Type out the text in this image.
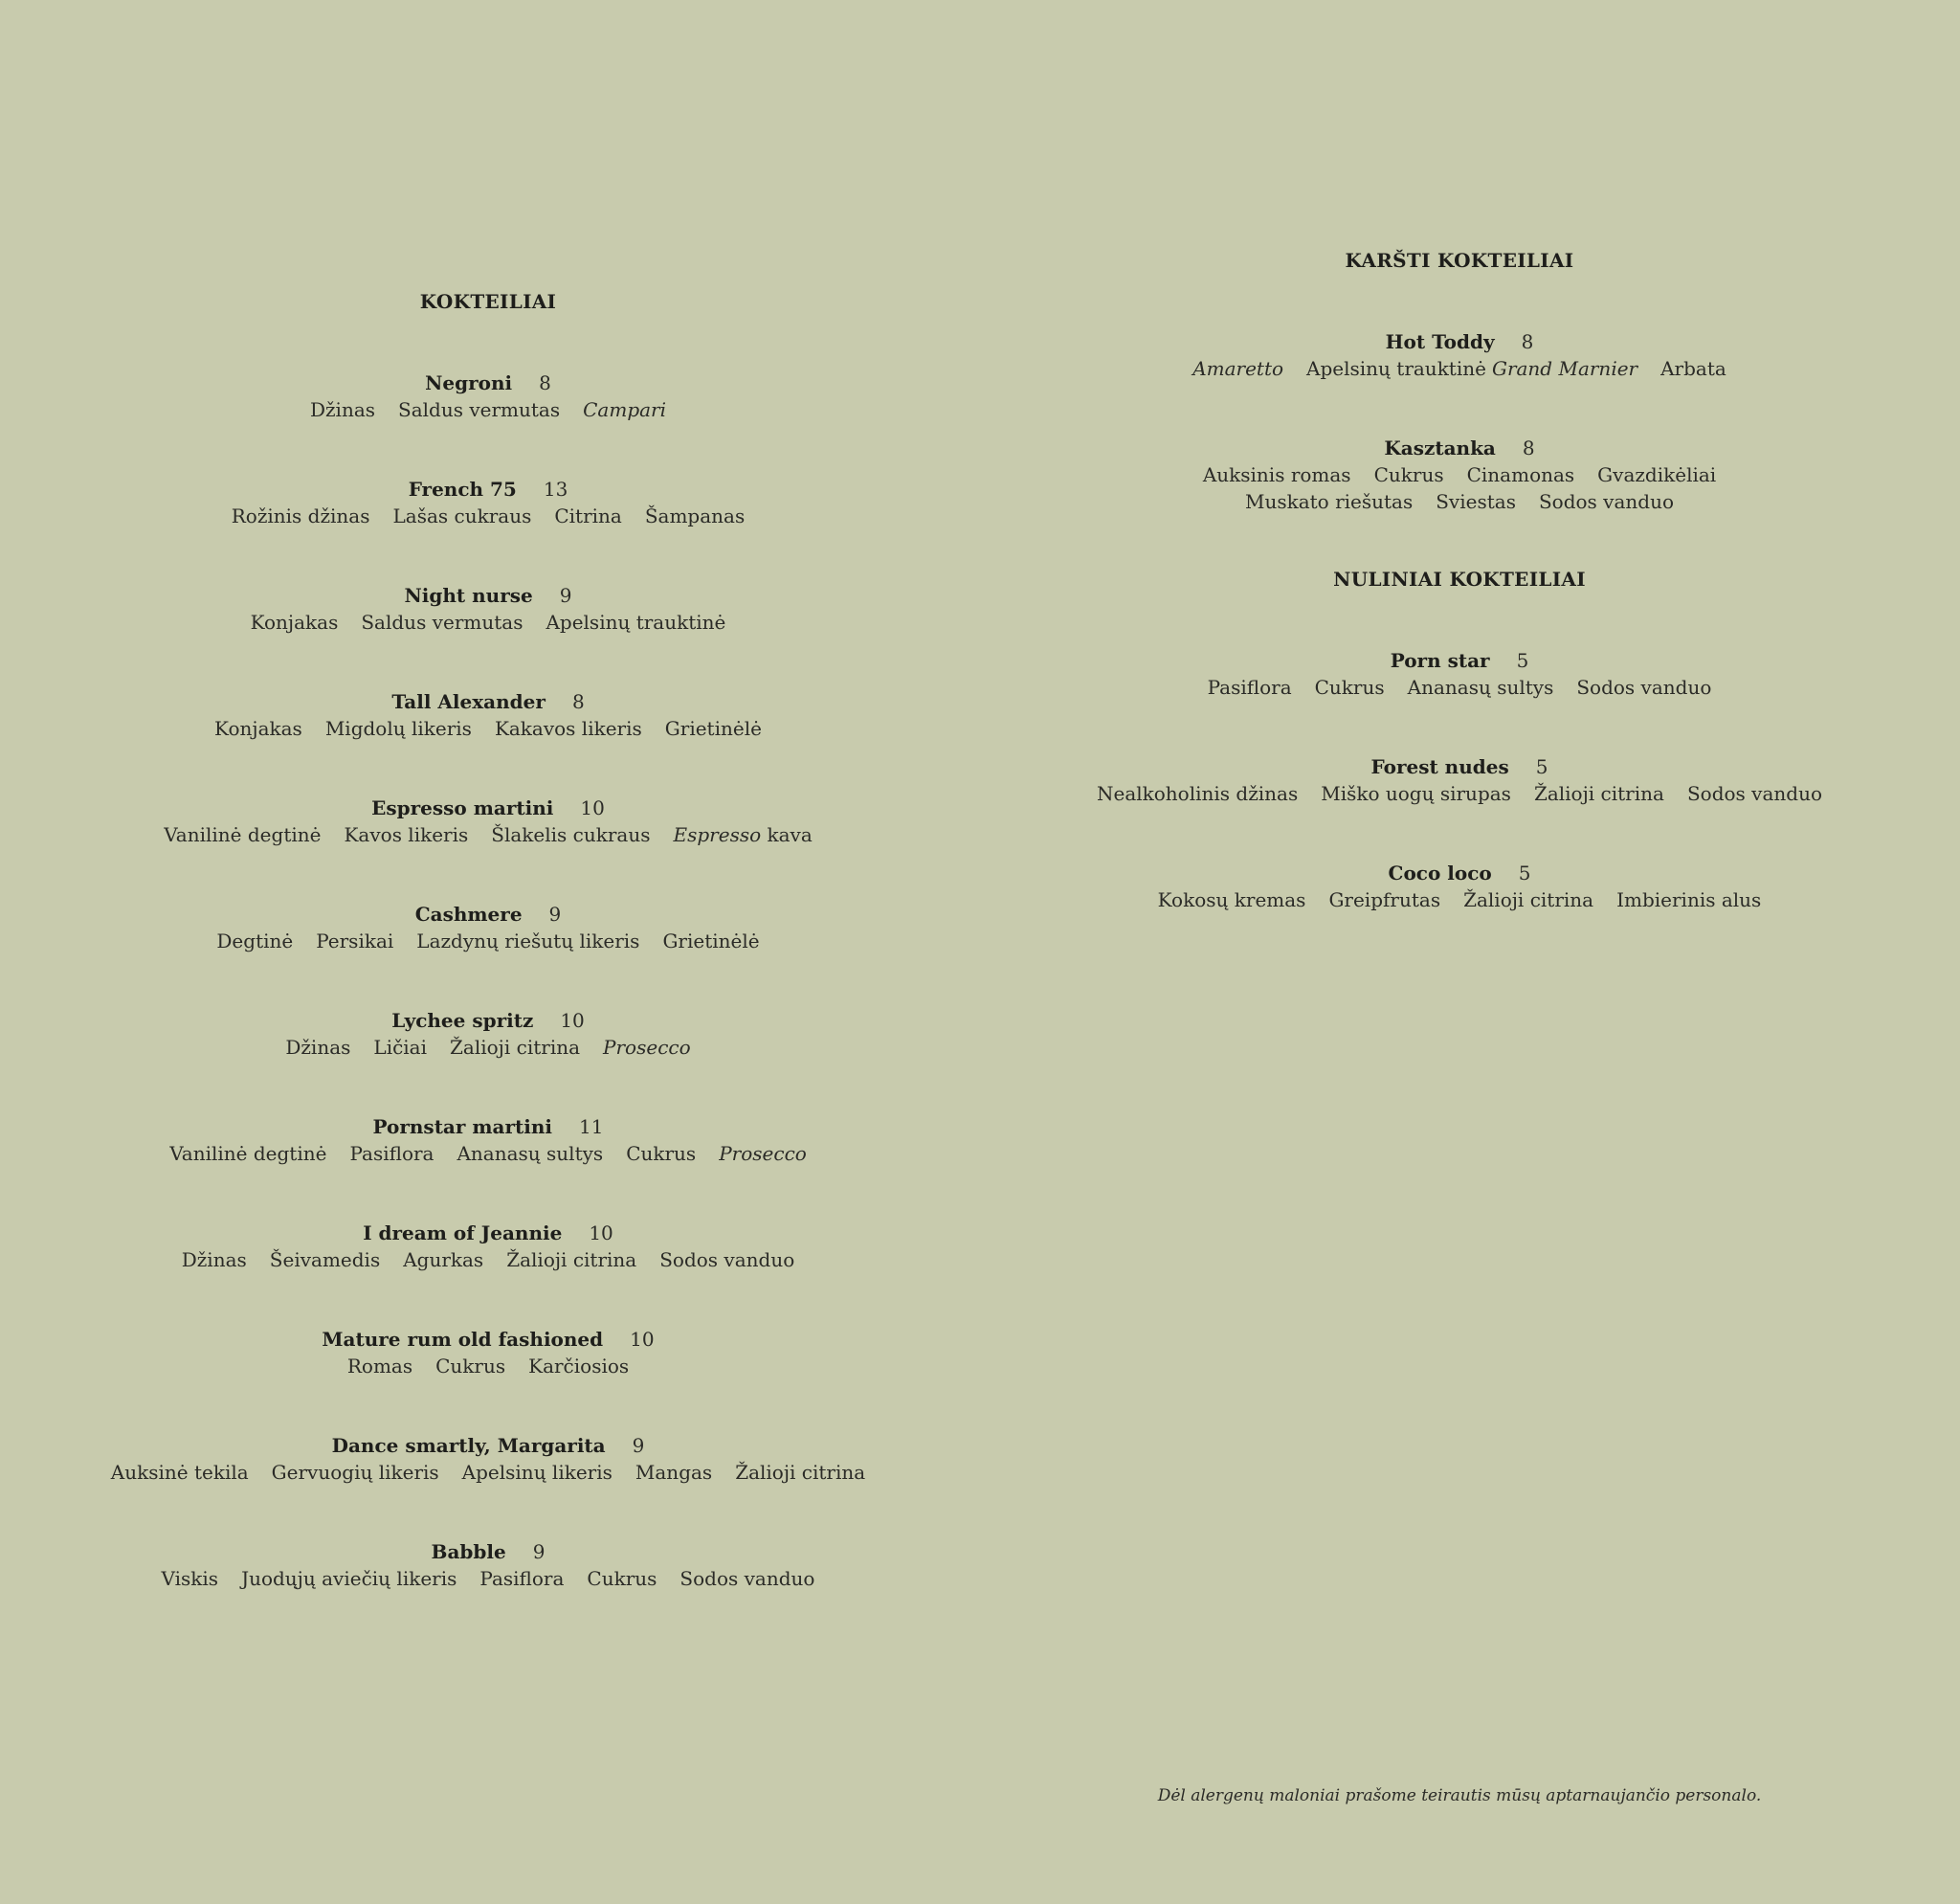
KOKTEILIAI
Negroni 8
Džinas Saldus vermutas Campari
French 75 13
Rožinis džinas Lašas cukraus Citrina Šampanas
Night nurse 9
Konjakas Saldus vermutas Apelsinų trauktinė
Tall Alexander 8
Konjakas Migdolų likeris Kakavos likeris Grietinėlė
Espresso martini 10
Vanilinė degtinė Kavos likeris Šlakelis cukraus Espresso kava
Cashmere 9
Degtinė Persikai Lazdynų riešutų likeris Grietinėlė
Lychee spritz 10
Džinas Ličiai Žalioji citrina Prosecco
Pornstar martini 11
Vanilinė degtinė Pasiflora Ananasų sultys Cukrus Prosecco
I dream of Jeannie 10
Džinas Šeivamedis Agurkas Žalioji citrina Sodos vanduo
Mature rum old fashioned 10
Romas Cukrus Karčiosios
Dance smartly, Margarita 9
Auksinė tekila Gervuogių likeris Apelsinų likeris Mangas Žalioji citrina
Babble 9
Viskis Juodųjų aviečių likeris Pasiflora Cukrus Sodos vanduo
KARŠTI KOKTEILIAI
NULINIAI KOKTEILIAI
Hot Toddy 8
Amaretto Apelsinų trauktinė Grand Marnier Arbata
Kasztanka 8
Auksinis romas Cukrus Cinamonas Gvazdikėliai
Muskato riešutas Sviestas Sodos vanduo
Porn star 5
Pasiflora Cukrus Ananasų sultys Sodos vanduo
Forest nudes 5
Nealkoholinis džinas Miško uogų sirupas Žalioji citrina Sodos vanduo
Coco loco 5
Kokosų kremas Greipfrutas Žalioji citrina Imbierinis alus
Dėl alergenų maloniai prašome teirautis mūsų aptarnaujančio personalo.
